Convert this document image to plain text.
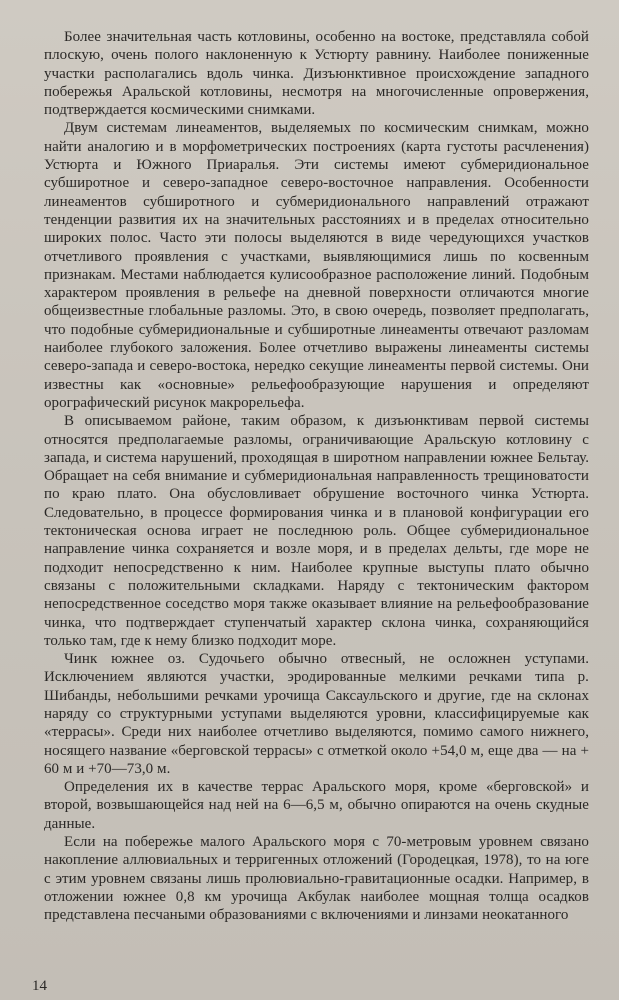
Более значительная часть котловины, особенно на востоке, представляла собой плоскую, очень полого наклоненную к Устюрту равнину. Наиболее пониженные участки располагались вдоль чинка. Дизъюнктивное происхождение западного побережья Аральской котловины, несмотря на многочисленные опровержения, подтверждается космическими снимками.

Двум системам линеаментов, выделяемых по космическим снимкам, можно найти аналогию и в морфометрических построениях (карта густоты расчленения) Устюрта и Южного Приаралья. Эти системы имеют субмеридиональное субширотное и северо-западное северо-восточное направления. Особенности линеаментов субширотного и субмеридионального направлений отражают тенденции развития их на значительных расстояниях и в пределах относительно широких полос. Часто эти полосы выделяются в виде чередующихся участков отчетливого проявления с участками, выявляющимися лишь по косвенным признакам. Местами наблюдается кулисообразное расположение линий. Подобным характером проявления в рельефе на дневной поверхности отличаются многие общеизвестные глобальные разломы. Это, в свою очередь, позволяет предполагать, что подобные субмеридиональные и субширотные линеаменты отвечают разломам наиболее глубокого заложения. Более отчетливо выражены линеаменты системы северо-запада и северо-востока, нередко секущие линеаменты первой системы. Они известны как «основные» рельефообразующие нарушения и определяют орографический рисунок макрорельефа.

В описываемом районе, таким образом, к дизъюнктивам первой системы относятся предполагаемые разломы, ограничивающие Аральскую котловину с запада, и система нарушений, проходящая в широтном направлении южнее Бельтау. Обращает на себя внимание и субмеридиональная направленность трещиноватости по краю плато. Она обусловливает обрушение восточного чинка Устюрта. Следовательно, в процессе формирования чинка и в плановой конфигурации его тектоническая основа играет не последнюю роль. Общее субмеридиональное направление чинка сохраняется и возле моря, и в пределах дельты, где море не подходит непосредственно к ним. Наиболее крупные выступы плато обычно связаны с положительными складками. Наряду с тектоническим фактором непосредственное соседство моря также оказывает влияние на рельефообразование чинка, что подтверждает ступенчатый характер склона чинка, сохраняющийся только там, где к нему близко подходит море.

Чинк южнее оз. Судочьего обычно отвесный, не осложнен уступами. Исключением являются участки, эродированные мелкими речками типа р. Шибанды, небольшими речками урочища Саксаульского и другие, где на склонах наряду со структурными уступами выделяются уровни, классифицируемые как «террасы». Среди них наиболее отчетливо выделяются, помимо самого нижнего, носящего название «берговской террасы» с отметкой около +54,0 м, еще два — на + 60 м и +70—73,0 м.

Определения их в качестве террас Аральского моря, кроме «берговской» и второй, возвышающейся над ней на 6—6,5 м, обычно опираются на очень скудные данные.

Если на побережье малого Аральского моря с 70-метровым уровнем связано накопление аллювиальных и терригенных отложений (Городецкая, 1978), то на юге с этим уровнем связаны лишь пролювиально-гравитационные осадки. Например, в отложении южнее 0,8 км урочища Акбулак наиболее мощная толща осадков представлена песчаными образованиями с включениями и линзами неокатанного

14
